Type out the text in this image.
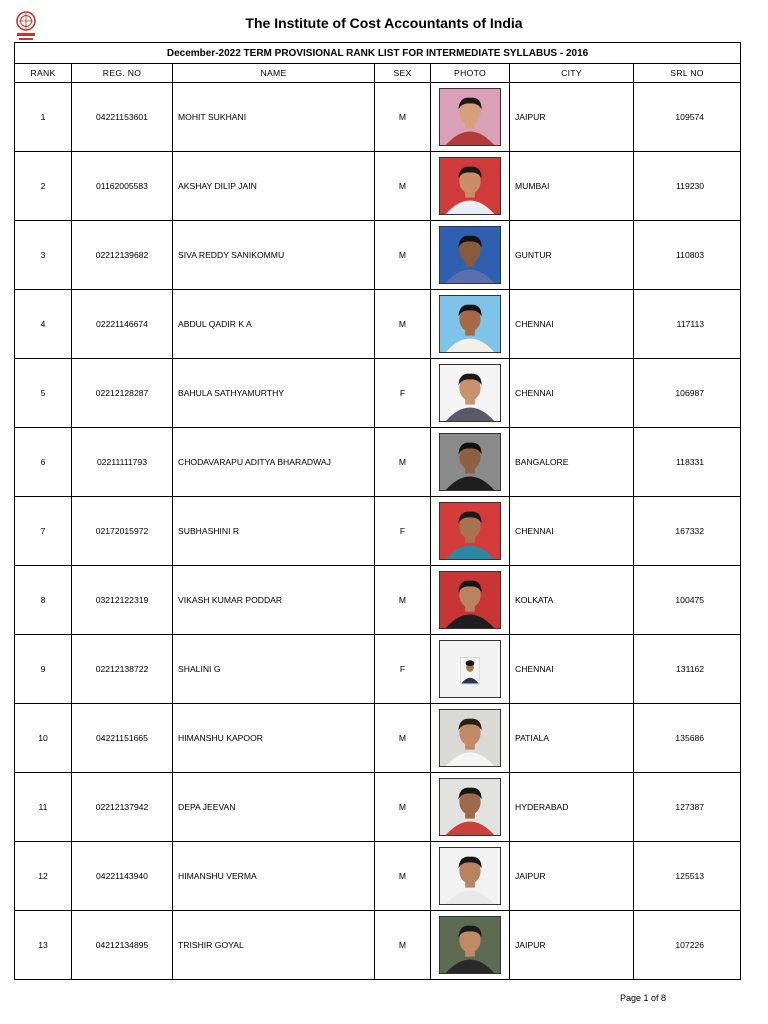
The Institute of Cost Accountants of India
December-2022 TERM PROVISIONAL RANK LIST FOR INTERMEDIATE SYLLABUS - 2016						
RANK	REG. NO	NAME	SEX	PHOTO	CITY	SRL NO
1	04221153601	MOHIT SUKHANI	M		JAIPUR	109574
2	01162005583	AKSHAY DILIP JAIN	M		MUMBAI	119230
3	02212139682	SIVA REDDY SANIKOMMU	M		GUNTUR	110803
4	02221146674	ABDUL QADIR K A	M		CHENNAI	117113
5	02212128287	BAHULA SATHYAMURTHY	F		CHENNAI	106987
6	02211111793	CHODAVARAPU ADITYA BHARADWAJ	M		BANGALORE	118331
7	02172015972	SUBHASHINI R	F		CHENNAI	167332
8	03212122319	VIKASH KUMAR PODDAR	M		KOLKATA	100475
9	02212138722	SHALINI G	F		CHENNAI	131162
10	04221151665	HIMANSHU KAPOOR	M		PATIALA	135686
11	02212137942	DEPA JEEVAN	M		HYDERABAD	127387
12	04221143940	HIMANSHU VERMA	M		JAIPUR	125513
13	04212134895	TRISHIR GOYAL	M		JAIPUR	107226
Page 1 of 8
